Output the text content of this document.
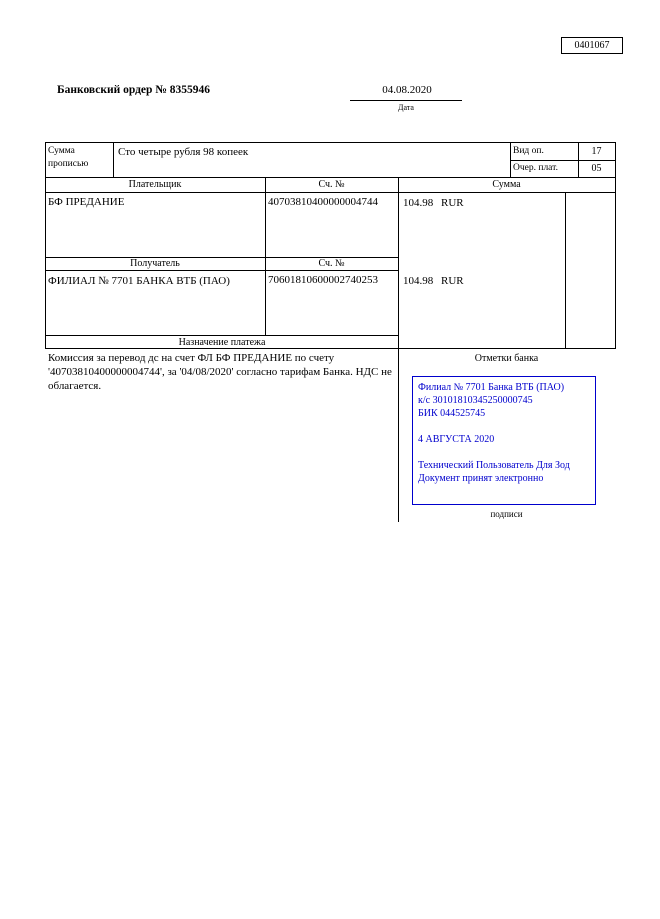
0401067
Банковский ордер № 8355946	04.08.2020
Дата
Сумма прописью
Сто четыре рубля 98 копеек	Вид оп.	17
Очер. плат.	05
Плательщик	Сч. №	Сумма
БФ ПРЕДАНИЕ	40703810400000004744 104.98 RUR
Получатель	Сч. №
ФИЛИАЛ № 7701 БАНКА ВТБ (ПАО)	70601810600002740253 104.98 RUR
Назначение платежа
Комиссия за перевод дс на счет ФЛ БФ ПРЕДАНИЕ по счету '40703810400000004744', за '04/08/2020' согласно тарифам Банка. НДС не облагается.
Отметки банка
Филиал № 7701 Банка ВТБ (ПАО)
к/с 30101810345250000745
БИК 044525745
4 АВГУСТА 2020
Технический Пользователь Для Зод
Документ принят электронно
подписи
